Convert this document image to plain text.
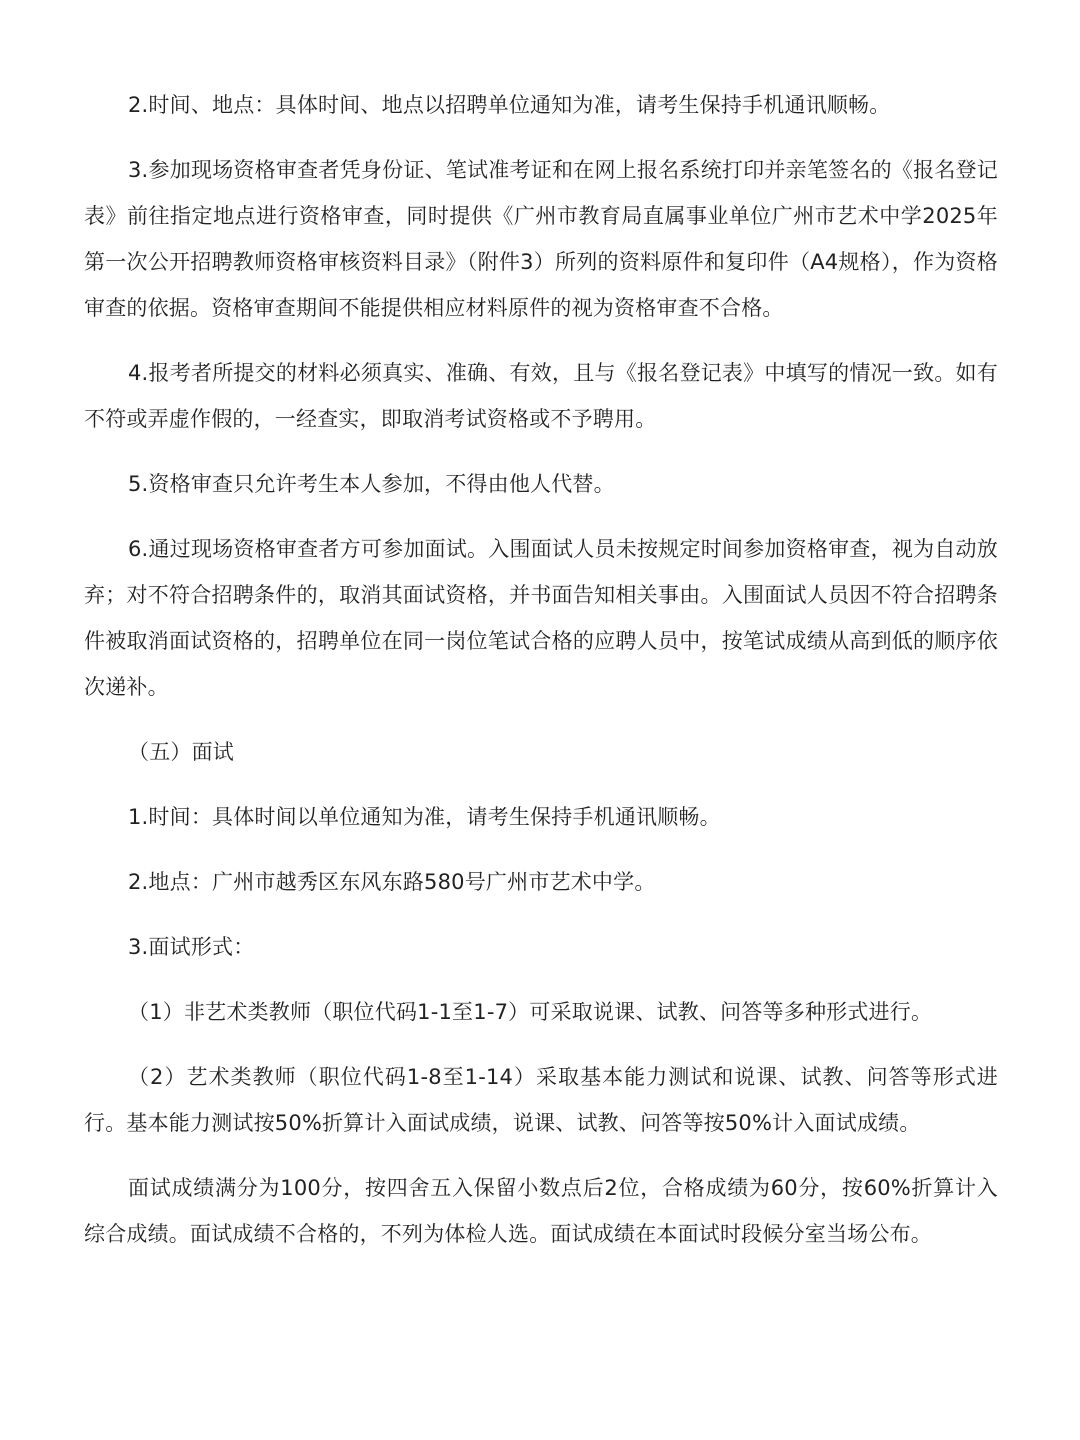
2.时间、地点：具体时间、地点以招聘单位通知为准，请考生保持手机通讯顺畅。

3.参加现场资格审查者凭身份证、笔试准考证和在网上报名系统打印并亲笔签名的《报名登记表》前往指定地点进行资格审查，同时提供《广州市教育局直属事业单位广州市艺术中学2025年第一次公开招聘教师资格审核资料目录》（附件3）所列的资料原件和复印件（A4规格），作为资格审查的依据。资格审查期间不能提供相应材料原件的视为资格审查不合格。

4.报考者所提交的材料必须真实、准确、有效，且与《报名登记表》中填写的情况一致。如有不符或弄虚作假的，一经查实，即取消考试资格或不予聘用。

5.资格审查只允许考生本人参加，不得由他人代替。

6.通过现场资格审查者方可参加面试。入围面试人员未按规定时间参加资格审查，视为自动放弃；对不符合招聘条件的，取消其面试资格，并书面告知相关事由。入围面试人员因不符合招聘条件被取消面试资格的，招聘单位在同一岗位笔试合格的应聘人员中，按笔试成绩从高到低的顺序依次递补。

（五）面试

1.时间：具体时间以单位通知为准，请考生保持手机通讯顺畅。

2.地点：广州市越秀区东风东路580号广州市艺术中学。

3.面试形式：

（1）非艺术类教师（职位代码1-1至1-7）可采取说课、试教、问答等多种形式进行。

（2）艺术类教师（职位代码1-8至1-14）采取基本能力测试和说课、试教、问答等形式进行。基本能力测试按50%折算计入面试成绩，说课、试教、问答等按50%计入面试成绩。

面试成绩满分为100分，按四舍五入保留小数点后2位，合格成绩为60分，按60%折算计入综合成绩。面试成绩不合格的，不列为体检人选。面试成绩在本面试时段候分室当场公布。
